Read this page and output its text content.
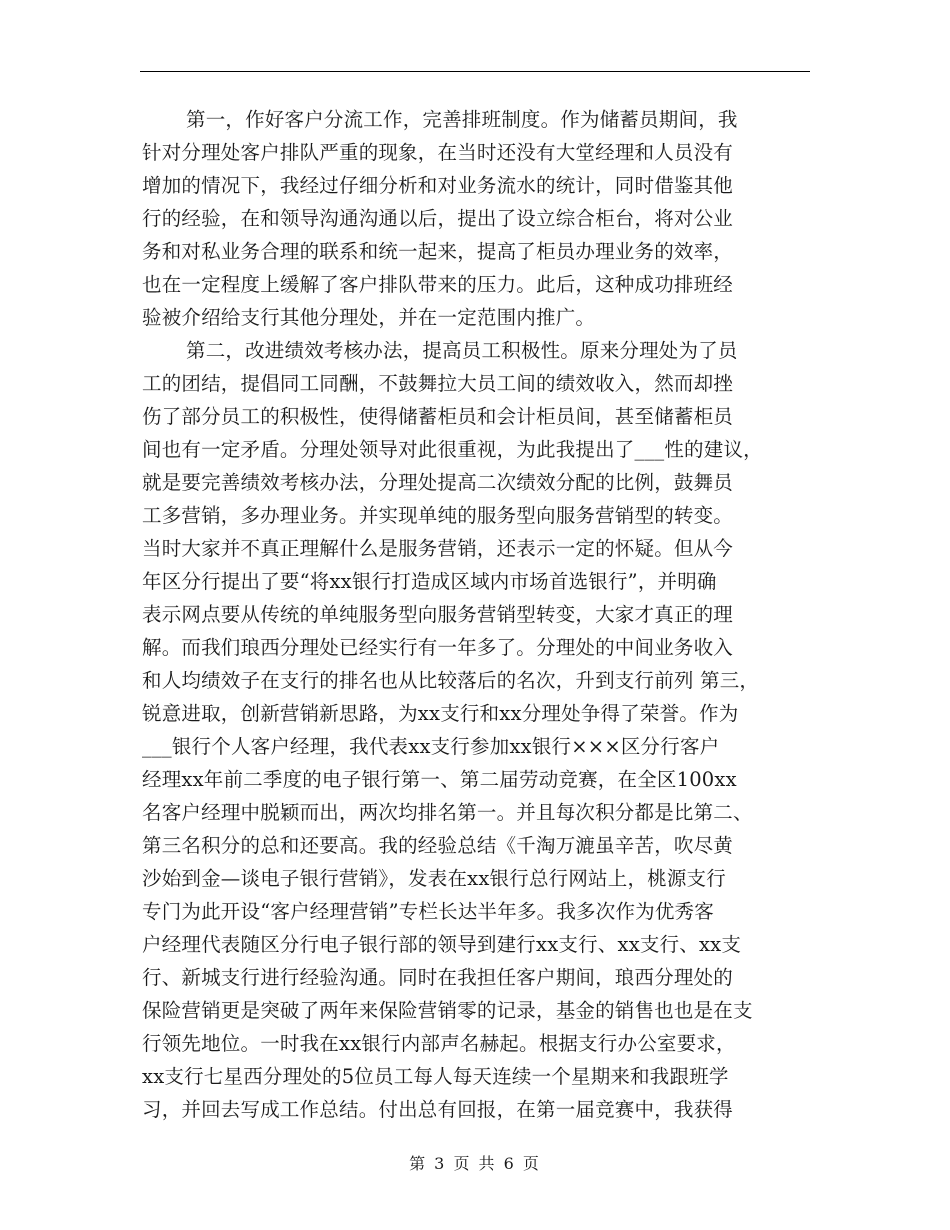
第一，作好客户分流工作，完善排班制度。作为储蓄员期间，我
针对分理处客户排队严重的现象，在当时还没有大堂经理和人员没有
增加的情况下，我经过仔细分析和对业务流水的统计，同时借鉴其他
行的经验，在和领导沟通沟通以后，提出了设立综合柜台，将对公业
务和对私业务合理的联系和统一起来，提高了柜员办理业务的效率，
也在一定程度上缓解了客户排队带来的压力。此后，这种成功排班经
验被介绍给支行其他分理处，并在一定范围内推广。
第二，改进绩效考核办法，提高员工积极性。原来分理处为了员
工的团结，提倡同工同酬，不鼓舞拉大员工间的绩效收入，然而却挫
伤了部分员工的积极性，使得储蓄柜员和会计柜员间，甚至储蓄柜员
间也有一定矛盾。分理处领导对此很重视，为此我提出了___性的建议，
就是要完善绩效考核办法，分理处提高二次绩效分配的比例，鼓舞员
工多营销，多办理业务。并实现单纯的服务型向服务营销型的转变。
当时大家并不真正理解什么是服务营销，还表示一定的怀疑。但从今
年区分行提出了要“将xx银行打造成区域内市场首选银行”，并明确
表示网点要从传统的单纯服务型向服务营销型转变，大家才真正的理
解。而我们琅西分理处已经实行有一年多了。分理处的中间业务收入
和人均绩效子在支行的排名也从比较落后的名次，升到支行前列 第三，
锐意进取，创新营销新思路，为xx支行和xx分理处争得了荣誉。作为
___银行个人客户经理，我代表xx支行参加xx银行×××区分行客户
经理xx年前二季度的电子银行第一、第二届劳动竞赛，在全区100xx
名客户经理中脱颖而出，两次均排名第一。并且每次积分都是比第二、
第三名积分的总和还要高。我的经验总结《千淘万漉虽辛苦，吹尽黄
沙始到金—谈电子银行营销》，发表在xx银行总行网站上，桃源支行
专门为此开设“客户经理营销”专栏长达半年多。我多次作为优秀客
户经理代表随区分行电子银行部的领导到建行xx支行、xx支行、xx支
行、新城支行进行经验沟通。同时在我担任客户期间，琅西分理处的
保险营销更是突破了两年来保险营销零的记录，基金的销售也也是在支
行领先地位。一时我在xx银行内部声名赫起。根据支行办公室要求，
xx支行七星西分理处的5位员工每人每天连续一个星期来和我跟班学
习，并回去写成工作总结。付出总有回报，在第一届竞赛中，我获得
第 3 页 共 6 页
